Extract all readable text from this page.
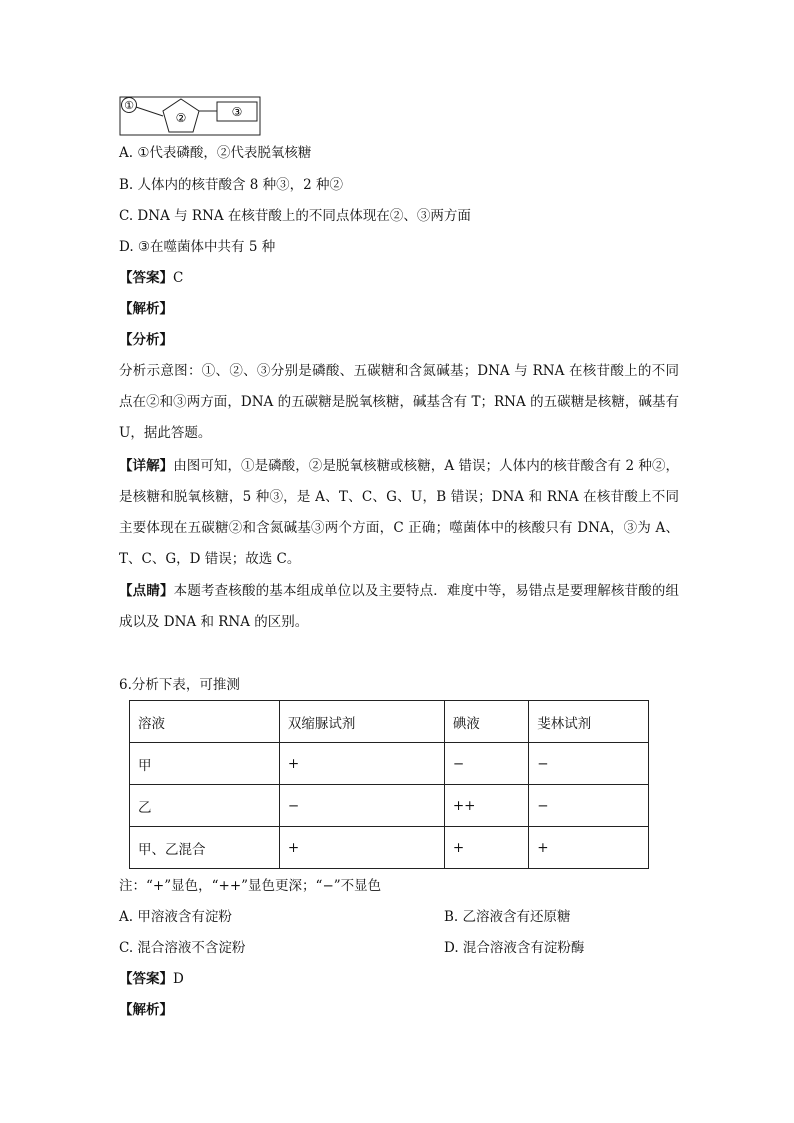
①
②	③
A. ①代表磷酸，②代表脱氧核糖
B. 人体内的核苷酸含 8 种③，2 种②
C. DNA 与 RNA 在核苷酸上的不同点体现在②、③两方面
D. ③在噬菌体中共有 5 种
【答案】C
【解析】
【分析】
分析示意图：①、②、③分别是磷酸、五碳糖和含氮碱基；DNA 与 RNA 在核苷酸上的不同点在②和③两方面，DNA 的五碳糖是脱氧核糖，碱基含有 T；RNA 的五碳糖是核糖，碱基有 U，据此答题。
【详解】由图可知，①是磷酸，②是脱氧核糖或核糖，A 错误；人体内的核苷酸含有 2 种②，是核糖和脱氧核糖，5 种③，是 A、T、C、G、U，B 错误；DNA 和 RNA 在核苷酸上不同主要体现在五碳糖②和含氮碱基③两个方面，C 正确；噬菌体中的核酸只有 DNA，③为 A、T、C、G，D 错误；故选 C。
【点睛】本题考查核酸的基本组成单位以及主要特点．难度中等，易错点是要理解核苷酸的组成以及 DNA 和 RNA 的区别。
6.分析下表，可推测
溶液	双缩脲试剂	碘液	斐林试剂
甲	+	−	−
乙	−	++	−
甲、乙混合	+	+	+
注：“+”显色，“++”显色更深；“−”不显色
A. 甲溶液含有淀粉	B. 乙溶液含有还原糖
C. 混合溶液不含淀粉	D. 混合溶液含有淀粉酶
【答案】D
【解析】
